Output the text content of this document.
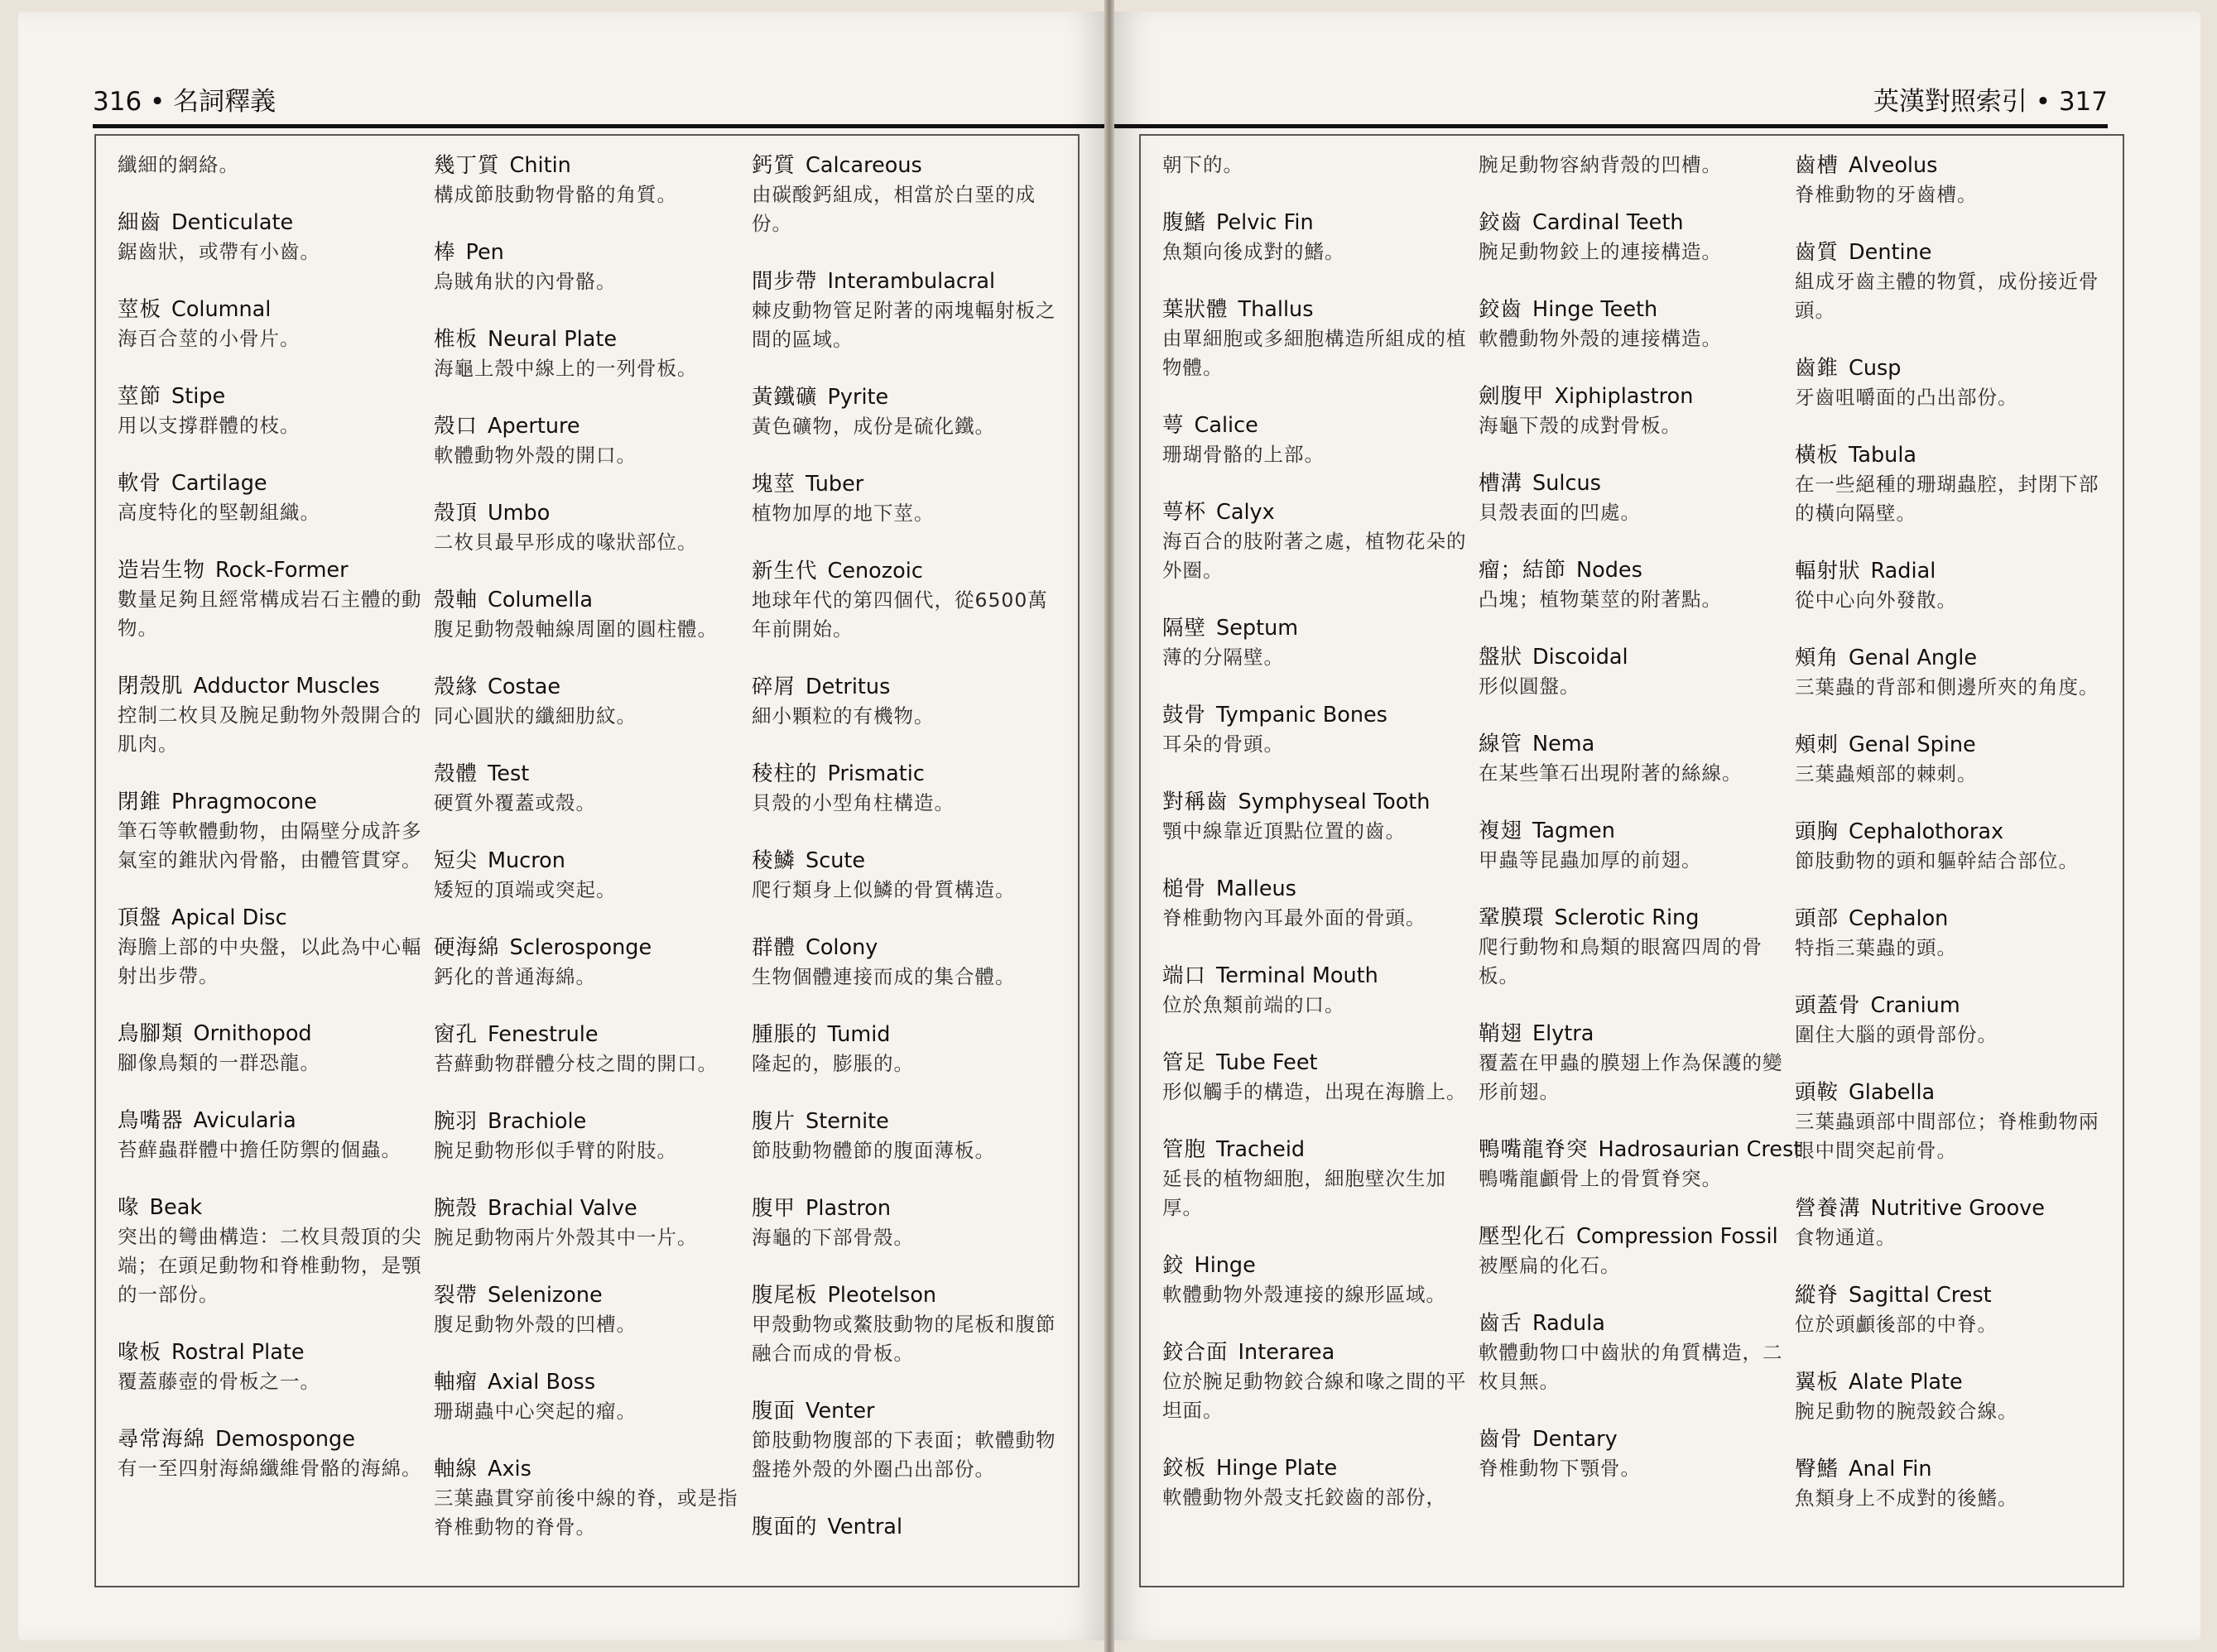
316 • 名詞釋義
纖細的網絡。
細齒 Denticulate
鋸齒狀，或帶有小齒。
莖板 Columnal
海百合莖的小骨片。
莖節 Stipe
用以支撐群體的枝。
軟骨 Cartilage
高度特化的堅韌組織。
造岩生物 Rock-Former
數量足夠且經常構成岩石主體的動物。
閉殼肌 Adductor Muscles
控制二枚貝及腕足動物外殼開合的肌肉。
閉錐 Phragmocone
筆石等軟體動物，由隔壁分成許多氣室的錐狀內骨骼，由體管貫穿。
頂盤 Apical Disc
海膽上部的中央盤，以此為中心輻射出步帶。
鳥腳類 Ornithopod
腳像鳥類的一群恐龍。
鳥嘴器 Avicularia
苔蘚蟲群體中擔任防禦的個蟲。
喙 Beak
突出的彎曲構造：二枚貝殼頂的尖端；在頭足動物和脊椎動物，是顎的一部份。
喙板 Rostral Plate
覆蓋藤壺的骨板之一。
尋常海綿 Demosponge
有一至四射海綿纖維骨骼的海綿。
幾丁質 Chitin
構成節肢動物骨骼的角質。
棒 Pen
烏賊角狀的內骨骼。
椎板 Neural Plate
海龜上殼中線上的一列骨板。
殼口 Aperture
軟體動物外殼的開口。
殼頂 Umbo
二枚貝最早形成的喙狀部位。
殼軸 Columella
腹足動物殼軸線周圍的圓柱體。
殼緣 Costae
同心圓狀的纖細肋紋。
殼體 Test
硬質外覆蓋或殼。
短尖 Mucron
矮短的頂端或突起。
硬海綿 Sclerosponge
鈣化的普通海綿。
窗孔 Fenestrule
苔蘚動物群體分枝之間的開口。
腕羽 Brachiole
腕足動物形似手臂的附肢。
腕殼 Brachial Valve
腕足動物兩片外殼其中一片。
裂帶 Selenizone
腹足動物外殼的凹槽。
軸瘤 Axial Boss
珊瑚蟲中心突起的瘤。
軸線 Axis
三葉蟲貫穿前後中線的脊，或是指脊椎動物的脊骨。
鈣質 Calcareous
由碳酸鈣組成，相當於白堊的成份。
間步帶 Interambulacral
棘皮動物管足附著的兩塊輻射板之間的區域。
黃鐵礦 Pyrite
黃色礦物，成份是硫化鐵。
塊莖 Tuber
植物加厚的地下莖。
新生代 Cenozoic
地球年代的第四個代，從6500萬年前開始。
碎屑 Detritus
細小顆粒的有機物。
稜柱的 Prismatic
貝殼的小型角柱構造。
稜鱗 Scute
爬行類身上似鱗的骨質構造。
群體 Colony
生物個體連接而成的集合體。
腫脹的 Tumid
隆起的，膨脹的。
腹片 Sternite
節肢動物體節的腹面薄板。
腹甲 Plastron
海龜的下部骨殼。
腹尾板 Pleotelson
甲殼動物或鰲肢動物的尾板和腹節融合而成的骨板。
腹面 Venter
節肢動物腹部的下表面；軟體動物盤捲外殼的外圈凸出部份。
腹面的 Ventral
英漢對照索引 • 317
朝下的。
腹鰭 Pelvic Fin
魚類向後成對的鰭。
葉狀體 Thallus
由單細胞或多細胞構造所組成的植物體。
萼 Calice
珊瑚骨骼的上部。
萼杯 Calyx
海百合的肢附著之處，植物花朵的外圈。
隔壁 Septum
薄的分隔壁。
鼓骨 Tympanic Bones
耳朵的骨頭。
對稱齒 Symphyseal Tooth
顎中線靠近頂點位置的齒。
槌骨 Malleus
脊椎動物內耳最外面的骨頭。
端口 Terminal Mouth
位於魚類前端的口。
管足 Tube Feet
形似觸手的構造，出現在海膽上。
管胞 Tracheid
延長的植物細胞，細胞壁次生加厚。
鉸 Hinge
軟體動物外殼連接的線形區域。
鉸合面 Interarea
位於腕足動物鉸合線和喙之間的平坦面。
鉸板 Hinge Plate
軟體動物外殼支托鉸齒的部份，
腕足動物容納背殼的凹槽。
鉸齒 Cardinal Teeth
腕足動物鉸上的連接構造。
鉸齒 Hinge Teeth
軟體動物外殼的連接構造。
劍腹甲 Xiphiplastron
海龜下殼的成對骨板。
槽溝 Sulcus
貝殼表面的凹處。
瘤；結節 Nodes
凸塊；植物葉莖的附著點。
盤狀 Discoidal
形似圓盤。
線管 Nema
在某些筆石出現附著的絲線。
複翅 Tagmen
甲蟲等昆蟲加厚的前翅。
鞏膜環 Sclerotic Ring
爬行動物和鳥類的眼窩四周的骨板。
鞘翅 Elytra
覆蓋在甲蟲的膜翅上作為保護的變形前翅。
鴨嘴龍脊突 Hadrosaurian Crest
鴨嘴龍顱骨上的骨質脊突。
壓型化石 Compression Fossil
被壓扁的化石。
齒舌 Radula
軟體動物口中齒狀的角質構造，二枚貝無。
齒骨 Dentary
脊椎動物下顎骨。
齒槽 Alveolus
脊椎動物的牙齒槽。
齒質 Dentine
組成牙齒主體的物質，成份接近骨頭。
齒錐 Cusp
牙齒咀嚼面的凸出部份。
橫板 Tabula
在一些絕種的珊瑚蟲腔，封閉下部的橫向隔壁。
輻射狀 Radial
從中心向外發散。
頰角 Genal Angle
三葉蟲的背部和側邊所夾的角度。
頰刺 Genal Spine
三葉蟲頰部的棘刺。
頭胸 Cephalothorax
節肢動物的頭和軀幹結合部位。
頭部 Cephalon
特指三葉蟲的頭。
頭蓋骨 Cranium
圍住大腦的頭骨部份。
頭鞍 Glabella
三葉蟲頭部中間部位；脊椎動物兩眼中間突起前骨。
營養溝 Nutritive Groove
食物通道。
縱脊 Sagittal Crest
位於頭顱後部的中脊。
翼板 Alate Plate
腕足動物的腕殼鉸合線。
臀鰭 Anal Fin
魚類身上不成對的後鰭。
